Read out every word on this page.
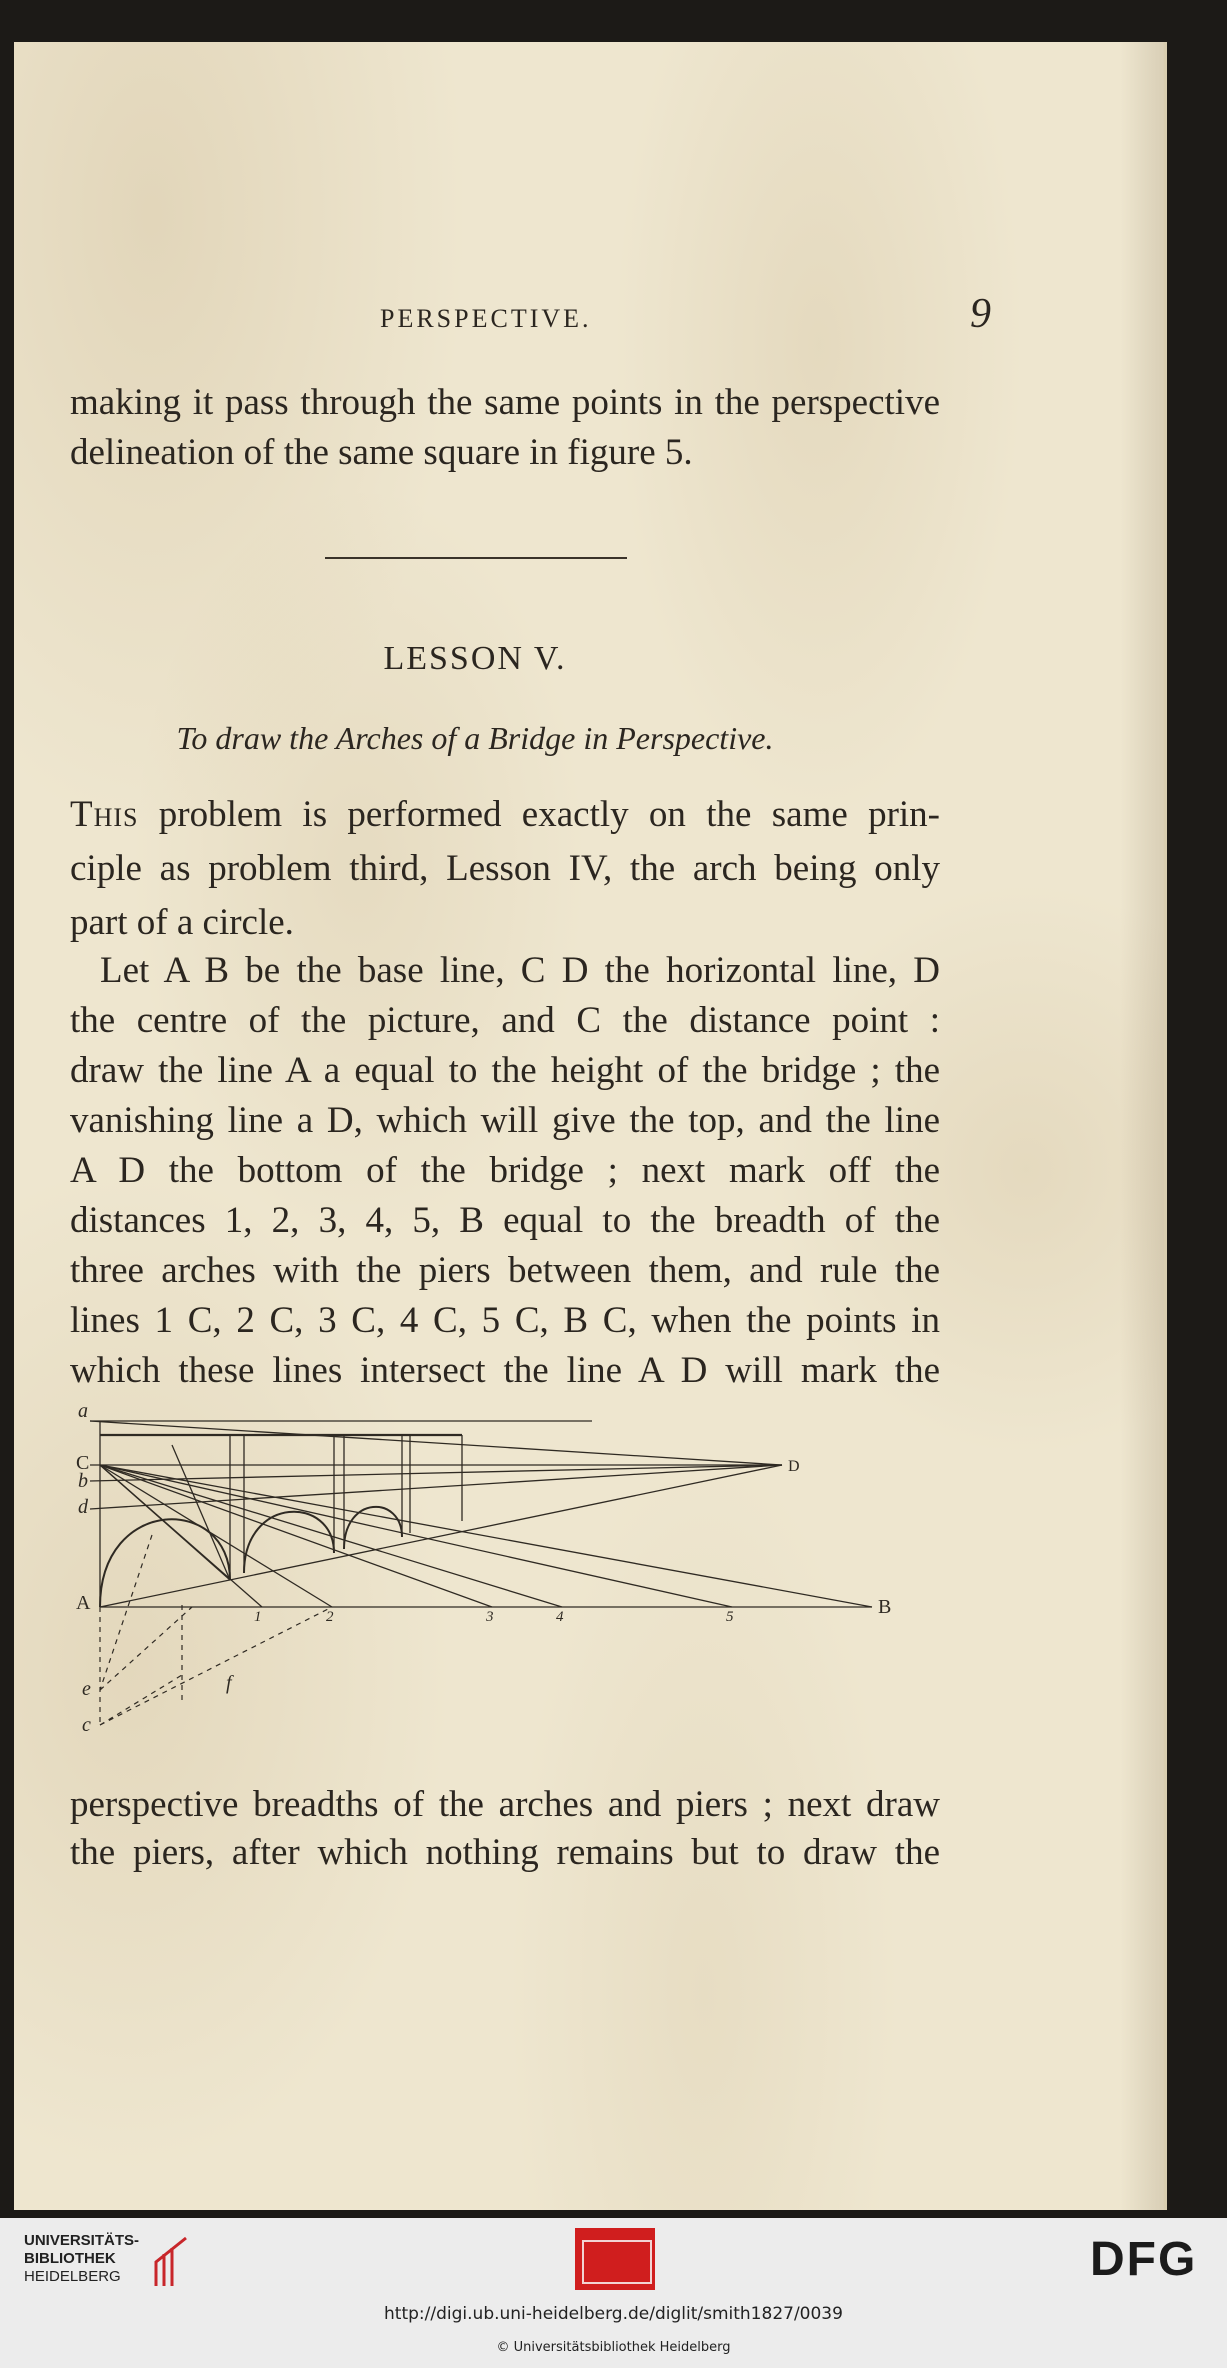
PERSPECTIVE.	9
making it pass through the same points in the perspective
delineation of the same square in figure 5.
LESSON V.
To draw the Arches of a Bridge in Perspective.
This problem is performed exactly on the same prin-
ciple as problem third, Lesson IV, the arch being only
part of a circle.
Let A B be the base line, C D the horizontal line, D
the centre of the picture, and C the distance point :
draw the line A a equal to the height of the bridge ; the
vanishing line a D, which will give the top, and the line
A D the bottom of the bridge ; next mark off the
distances 1, 2, 3, 4, 5, B equal to the breadth of the
three arches with the piers between them, and rule the
lines 1 C, 2 C, 3 C, 4 C, 5 C, B C, when the points in
which these lines intersect the line A D will mark the
a
C
b
d
A
D
B
e
c
f
1	2	3	4	5
perspective breadths of the arches and piers ; next draw
the piers, after which nothing remains but to draw the
UNIVERSITÄTS-
BIBLIOTHEK
HEIDELBERG	DFG
http://digi.ub.uni-heidelberg.de/diglit/smith1827/0039
© Universitätsbibliothek Heidelberg
